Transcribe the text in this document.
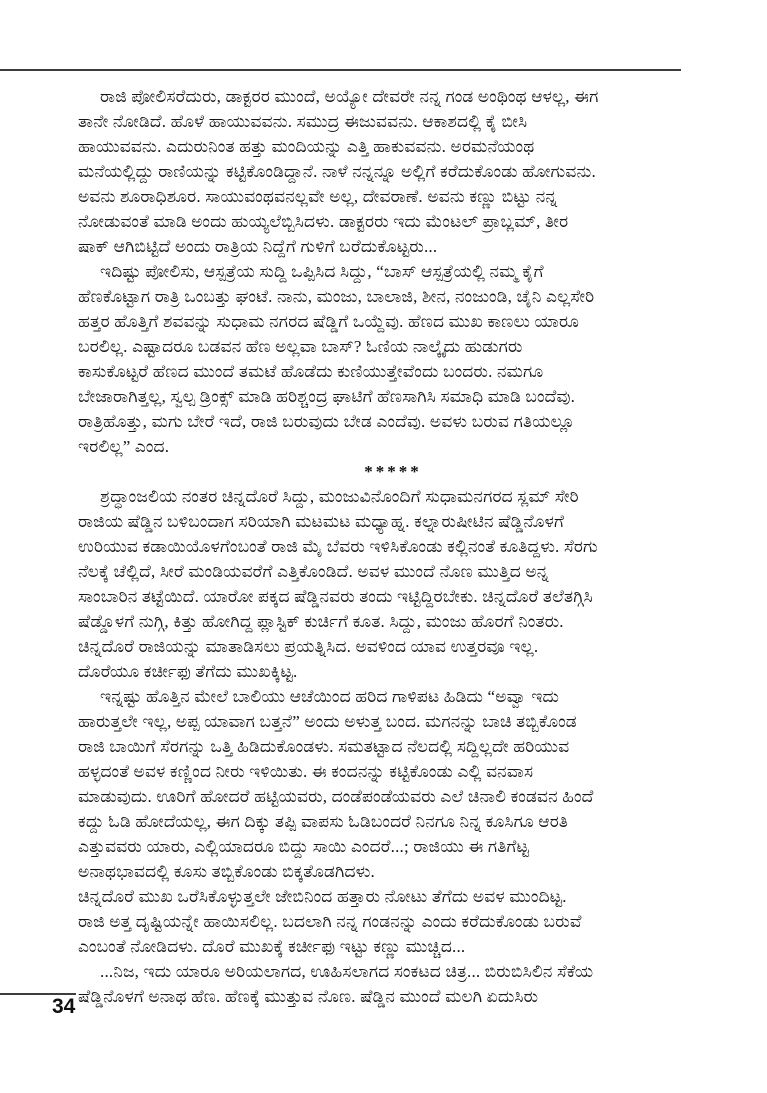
ರಾಜಿ ಪೋಲಿಸರೆದುರು, ಡಾಕ್ಟರರ ಮುಂದೆ, ಅಯ್ಯೋ ದೇವರೇ ನನ್ನ ಗಂಡ ಅಂಥಿಂಥ ಆಳಲ್ಲ, ಈಗ
ತಾನೇ ನೋಡಿದೆ. ಹೊಳೆ ಹಾಯುವವನು. ಸಮುದ್ರ ಈಜುವವನು. ಆಕಾಶದಲ್ಲಿ ಕೈ ಬೀಸಿ
ಹಾಯುವವನು. ಎದುರುನಿಂತ ಹತ್ತು ಮಂದಿಯನ್ನು ಎತ್ತಿ ಹಾಕುವವನು. ಅರಮನೆಯಂಥ
ಮನೆಯಲ್ಲಿದ್ದು ರಾಣಿಯನ್ನು ಕಟ್ಟಿಕೊಂಡಿದ್ದಾನೆ. ನಾಳೆ ನನ್ನನ್ನೂ ಅಲ್ಲಿಗೆ ಕರೆದುಕೊಂಡು ಹೋಗುವನು.
ಅವನು ಶೂರಾಧಿಶೂರ. ಸಾಯುವಂಥವನಲ್ಲವೇ ಅಲ್ಲ, ದೇವರಾಣೆ. ಅವನು ಕಣ್ಣು ಬಿಟ್ಟು ನನ್ನ
ನೋಡುವಂತೆ ಮಾಡಿ ಅಂದು ಹುಯ್ಯಲೆಬ್ಬಿಸಿದಳು. ಡಾಕ್ಟರರು ಇದು ಮೆಂಟಲ್ ಪ್ರಾಬ್ಲಮ್, ತೀರ
ಷಾಕ್ ಆಗಿಬಿಟ್ಟಿದೆ ಅಂದು ರಾತ್ರಿಯ ನಿದ್ದೆಗೆ ಗುಳಿಗೆ ಬರೆದುಕೊಟ್ಟರು...
ಇದಿಷ್ಟು ಪೋಲಿಸು, ಆಸ್ಪತ್ರೆಯ ಸುದ್ದಿ ಒಪ್ಪಿಸಿದ ಸಿದ್ದು, “ಬಾಸ್ ಆಸ್ಪತ್ರೆಯಲ್ಲಿ ನಮ್ಮ ಕೈಗೆ
ಹೆಣಕೊಟ್ಟಾಗ ರಾತ್ರಿ ಒಂಬತ್ತು ಘಂಟೆ. ನಾನು, ಮಂಜು, ಬಾಲಾಜಿ, ಶೀನ, ನಂಜುಂಡಿ, ಚೈನಿ ಎಲ್ಲಸೇರಿ
ಹತ್ತರ ಹೊತ್ತಿಗೆ ಶವವನ್ನು ಸುಧಾಮ ನಗರದ ಷೆಡ್ಡಿಗೆ ಒಯ್ದೆವು. ಹೆಣದ ಮುಖ ಕಾಣಲು ಯಾರೂ
ಬರಲಿಲ್ಲ. ಎಷ್ಟಾದರೂ ಬಡವನ ಹೆಣ ಅಲ್ಲವಾ ಬಾಸ್? ಓಣಿಯ ನಾಲ್ಕೈದು ಹುಡುಗರು
ಕಾಸುಕೊಟ್ಟರೆ ಹೆಣದ ಮುಂದೆ ತಮಟೆ ಹೊಡೆದು ಕುಣಿಯುತ್ತೇವೆಂದು ಬಂದರು. ನಮಗೂ
ಬೇಜಾರಾಗಿತ್ತಲ್ಲ, ಸ್ವಲ್ಪ ಡ್ರಿಂಕ್ಸ್ ಮಾಡಿ ಹರಿಶ್ಚಂದ್ರ ಘಾಟಿಗೆ ಹೆಣಸಾಗಿಸಿ ಸಮಾಧಿ ಮಾಡಿ ಬಂದೆವು.
ರಾತ್ರಿಹೊತ್ತು, ಮಗು ಬೇರೆ ಇದೆ, ರಾಜಿ ಬರುವುದು ಬೇಡ ಎಂದೆವು. ಅವಳು ಬರುವ ಗತಿಯಲ್ಲೂ
ಇರಲಿಲ್ಲ” ಎಂದ.
*****
ಶ್ರದ್ಧಾಂಜಲಿಯ ನಂತರ ಚಿನ್ನದೊರೆ ಸಿದ್ದು, ಮಂಜುವಿನೊಂದಿಗೆ ಸುಧಾಮನಗರದ ಸ್ಲಮ್ ಸೇರಿ
ರಾಜಿಯ ಷೆಡ್ಡಿನ ಬಳಿಬಂದಾಗ ಸರಿಯಾಗಿ ಮಟಮಟ ಮಧ್ಯಾಹ್ನ. ಕಲ್ನಾರುಷೀಟಿನ ಷೆಡ್ಡಿನೊಳಗೆ
ಉರಿಯುವ ಕಡಾಯಿಯೊಳಗೆಂಬಂತೆ ರಾಜಿ ಮೈ ಬೆವರು ಇಳಿಸಿಕೊಂಡು ಕಲ್ಲಿನಂತೆ ಕೂತಿದ್ದಳು. ಸೆರಗು
ನೆಲಕ್ಕೆ ಚೆಲ್ಲಿದೆ, ಸೀರೆ ಮಂಡಿಯವರೆಗೆ ಎತ್ತಿಕೊಂಡಿದೆ. ಅವಳ ಮುಂದೆ ನೊಣ ಮುತ್ತಿದ ಅನ್ನ
ಸಾಂಬಾರಿನ ತಟ್ಟೆಯಿದೆ. ಯಾರೋ ಪಕ್ಕದ ಷೆಡ್ಡಿನವರು ತಂದು ಇಟ್ಟಿದ್ದಿರಬೇಕು. ಚಿನ್ನದೊರೆ ತಲೆತಗ್ಗಿಸಿ
ಷೆಡ್ಡೊಳಗೆ ನುಗ್ಗಿ, ಕಿತ್ತು ಹೋಗಿದ್ದ ಪ್ಲಾಸ್ಟಿಕ್ ಕುರ್ಚಿಗೆ ಕೂತ. ಸಿದ್ದು, ಮಂಜು ಹೊರಗೆ ನಿಂತರು.
ಚಿನ್ನದೊರೆ ರಾಜಿಯನ್ನು ಮಾತಾಡಿಸಲು ಪ್ರಯತ್ನಿಸಿದ. ಅವಳಿಂದ ಯಾವ ಉತ್ತರವೂ ಇಲ್ಲ.
ದೊರೆಯೂ ಕರ್ಚೀಫು ತೆಗೆದು ಮುಖಕ್ಕಿಟ್ಟ.
ಇನ್ನಷ್ಟು ಹೊತ್ತಿನ ಮೇಲೆ ಬಾಲಿಯು ಆಚೆಯಿಂದ ಹರಿದ ಗಾಳಿಪಟ ಹಿಡಿದು “ಅವ್ವಾ ಇದು
ಹಾರುತ್ತಲೇ ಇಲ್ಲ, ಅಪ್ಪ ಯಾವಾಗ ಬತ್ತನೆ” ಅಂದು ಅಳುತ್ತ ಬಂದ. ಮಗನನ್ನು ಬಾಚಿ ತಬ್ಬಿಕೊಂಡ
ರಾಜಿ ಬಾಯಿಗೆ ಸೆರಗನ್ನು ಒತ್ತಿ ಹಿಡಿದುಕೊಂಡಳು. ಸಮತಟ್ಟಾದ ನೆಲದಲ್ಲಿ ಸದ್ದಿಲ್ಲದೇ ಹರಿಯುವ
ಹಳ್ಳದಂತೆ ಅವಳ ಕಣ್ಣಿಂದ ನೀರು ಇಳಿಯಿತು. ಈ ಕಂದನನ್ನು ಕಟ್ಟಿಕೊಂಡು ಎಲ್ಲಿ ವನವಾಸ
ಮಾಡುವುದು. ಊರಿಗೆ ಹೋದರೆ ಹಟ್ಟಿಯವರು, ದಂಡೆಪಂಡೆಯವರು ಎಲೆ ಚಿನಾಲಿ ಕಂಡವನ ಹಿಂದೆ
ಕದ್ದು ಓಡಿ ಹೋದೆಯಲ್ಲ, ಈಗ ದಿಕ್ಕು ತಪ್ಪಿ ವಾಪಸು ಓಡಿಬಂದರೆ ನಿನಗೂ ನಿನ್ನ ಕೂಸಿಗೂ ಆರತಿ
ಎತ್ತುವವರು ಯಾರು, ಎಲ್ಲಿಯಾದರೂ ಬಿದ್ದು ಸಾಯಿ ಎಂದರೆ...; ರಾಜಿಯು ಈ ಗತಿಗೆಟ್ಟ
ಅನಾಥಭಾವದಲ್ಲಿ ಕೂಸು ತಬ್ಬಿಕೊಂಡು ಬಿಕ್ಕತೊಡಗಿದಳು.
ಚಿನ್ನದೊರೆ ಮುಖ ಒರೆಸಿಕೊಳ್ಳುತ್ತಲೇ ಜೇಬಿನಿಂದ ಹತ್ತಾರು ನೋಟು ತೆಗೆದು ಅವಳ ಮುಂದಿಟ್ಟ.
ರಾಜಿ ಅತ್ತ ದೃಷ್ಟಿಯನ್ನೇ ಹಾಯಿಸಲಿಲ್ಲ. ಬದಲಾಗಿ ನನ್ನ ಗಂಡನನ್ನು ಎಂದು ಕರೆದುಕೊಂಡು ಬರುವೆ
ಎಂಬಂತೆ ನೋಡಿದಳು. ದೊರೆ ಮುಖಕ್ಕೆ ಕರ್ಚೀಫು ಇಟ್ಟು ಕಣ್ಣು ಮುಚ್ಚಿದ...
...ನಿಜ, ಇದು ಯಾರೂ ಅರಿಯಲಾಗದ, ಊಹಿಸಲಾಗದ ಸಂಕಟದ ಚಿತ್ರ... ಬಿರುಬಿಸಿಲಿನ ಸೆಕೆಯ
ಷೆಡ್ಡಿನೊಳಗೆ ಅನಾಥ ಹೆಣ. ಹೆಣಕ್ಕೆ ಮುತ್ತುವ ನೊಣ. ಷೆಡ್ಡಿನ ಮುಂದೆ ಮಲಗಿ ಏದುಸಿರು
34
